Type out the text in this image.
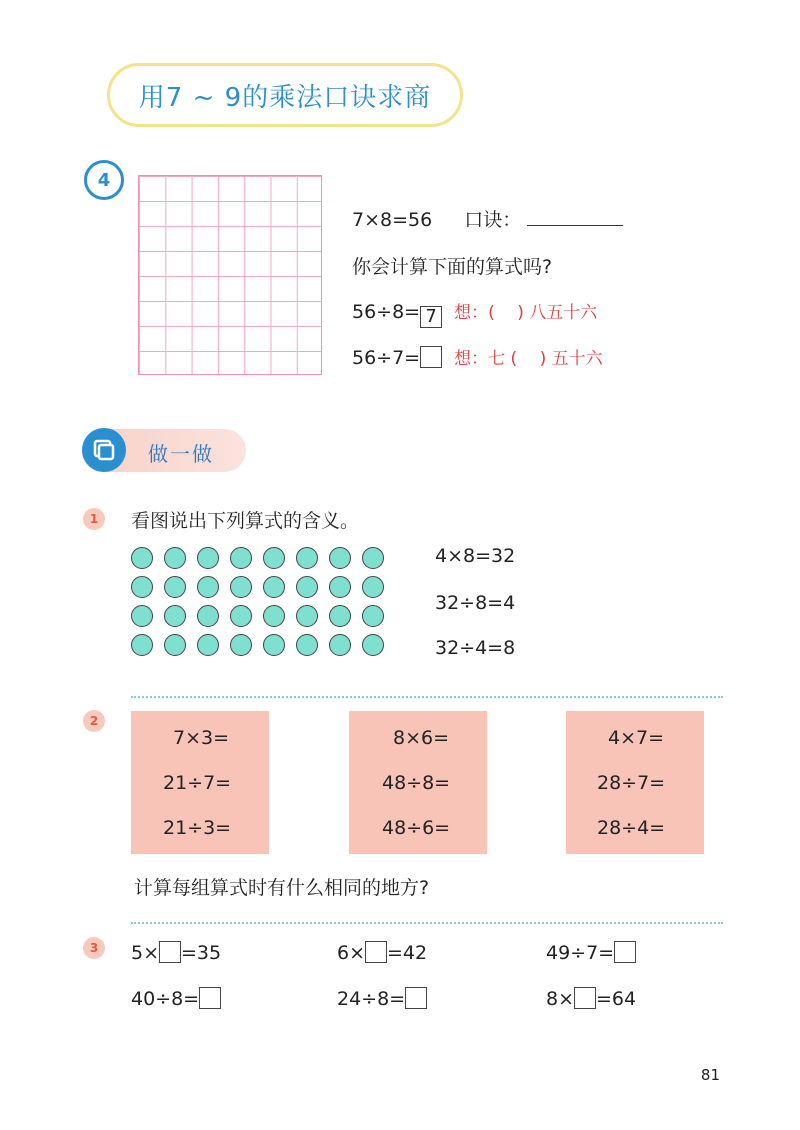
用7 ~ 9的乘法口诀求商
4
7×8=56 口诀：
你会计算下面的算式吗?
56÷8= 7 想：(　 ) 八五十六
56÷7= 想：七 (　 ) 五十六
做一做
1 看图说出下列算式的含义。
4×8=32
32÷8=4
32÷4=8
2
7×3=
21÷7=
21÷3=
8×6=
48÷8=
48÷6=
4×7=
28÷7=
28÷4=
计算每组算式时有什么相同的地方?
3 5× =35	6× =42	49÷7=
40÷8=	24÷8=	8× =64
81
